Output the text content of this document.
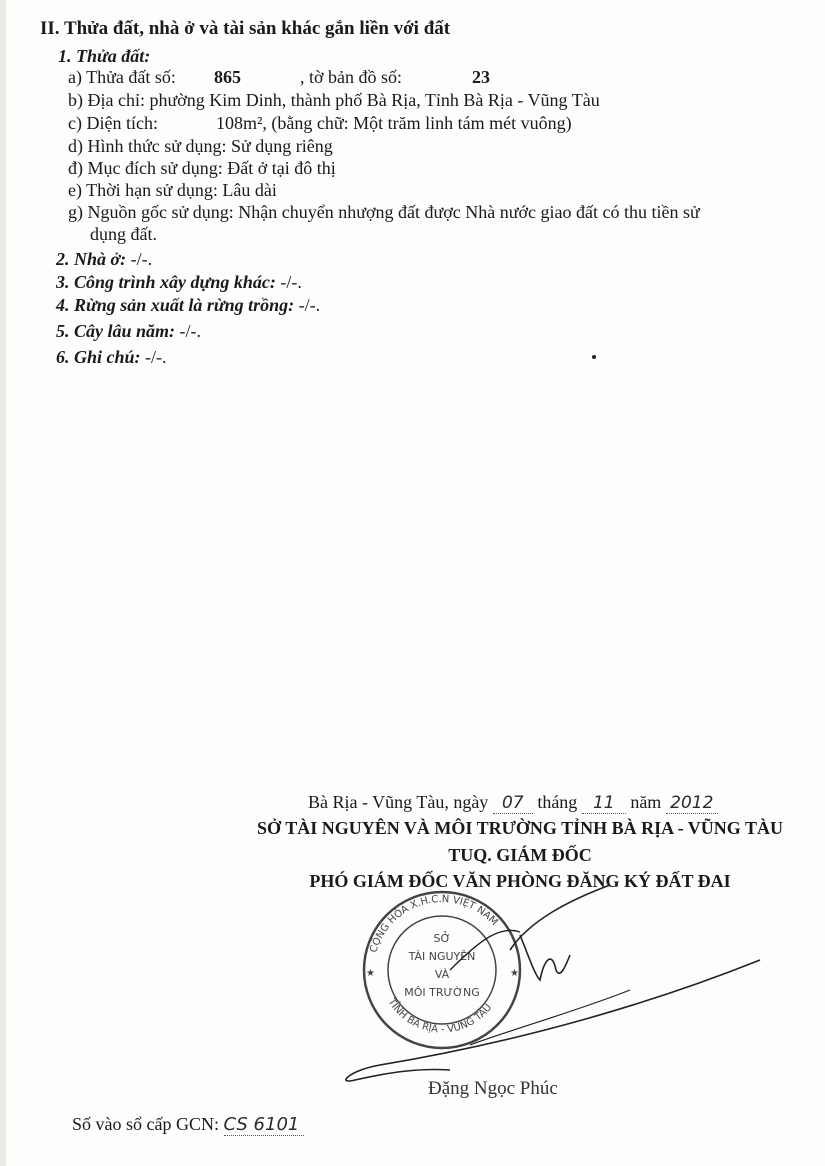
II. Thửa đất, nhà ở và tài sản khác gắn liền với đất
1. Thửa đất:
a) Thửa đất số: 865	, tờ bản đồ số:	23
b) Địa chỉ: phường Kim Dinh, thành phố Bà Rịa, Tỉnh Bà Rịa - Vũng Tàu
c) Diện tích:	108m², (bằng chữ: Một trăm linh tám mét vuông)
d) Hình thức sử dụng: Sử dụng riêng
đ) Mục đích sử dụng: Đất ở tại đô thị
e) Thời hạn sử dụng: Lâu dài
g) Nguồn gốc sử dụng: Nhận chuyển nhượng đất được Nhà nước giao đất có thu tiền sử
dụng đất.
2. Nhà ở: -/-.
3. Công trình xây dựng khác: -/-.
4. Rừng sản xuất là rừng trồng: -/-.
5. Cây lâu năm: -/-.
6. Ghi chú: -/-.
Bà Rịa - Vũng Tàu, ngày 07 tháng 11 năm 2012
SỞ TÀI NGUYÊN VÀ MÔI TRƯỜNG TỈNH BÀ RỊA - VŨNG TÀU
TUQ. GIÁM ĐỐC
PHÓ GIÁM ĐỐC VĂN PHÒNG ĐĂNG KÝ ĐẤT ĐAI
CỘNG HÒA X.H.C.N VIỆT NAM
TỈNH BÀ RỊA - VŨNG TÀU
SỞ
TÀI NGUYÊN
VÀ
MÔI TRƯỜNG
★	★
Đặng Ngọc Phúc
Số vào sổ cấp GCN: CS 6101
